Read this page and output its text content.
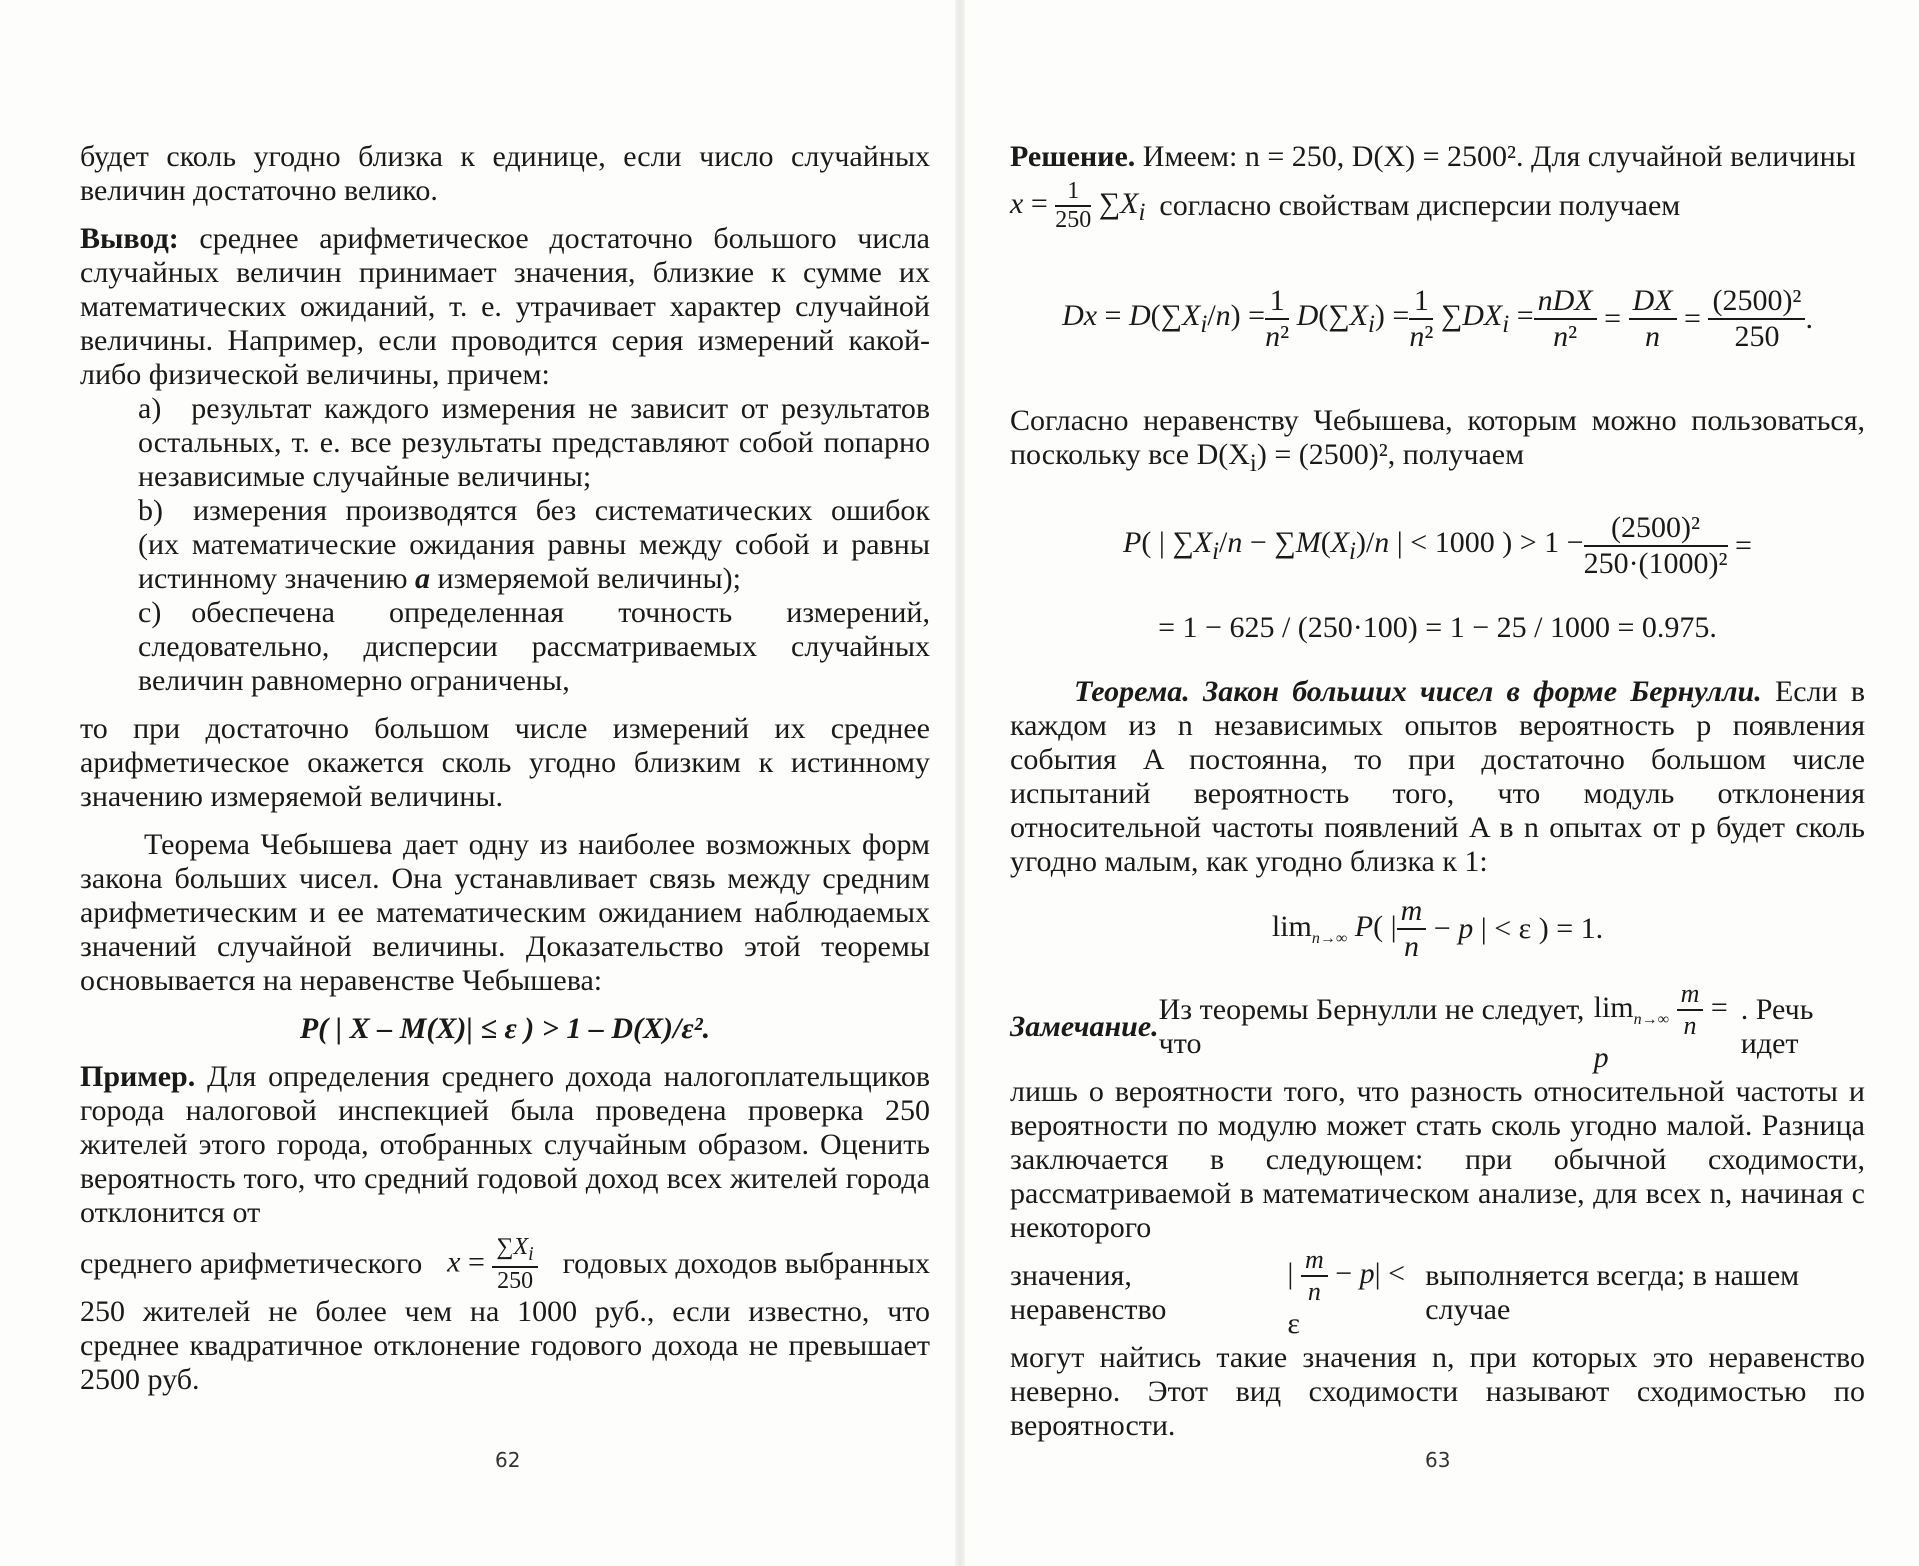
будет сколь угодно близка к единице, если число случайных величин достаточно велико.

Вывод: среднее арифметическое достаточно большого числа случайных величин принимает значения, близкие к сумме их математических ожиданий, т. е. утрачивает характер случайной величины. Например, если проводится серия измерений какой-либо физической величины, причем:

a) результат каждого измерения не зависит от результатов остальных, т. е. все результаты представляют собой попарно независимые случайные величины;

b) измерения производятся без систематических ошибок (их математические ожидания равны между собой и равны истинному значению a измеряемой величины);

c) обеспечена определенная точность измерений, следовательно, дисперсии рассматриваемых случайных величин равномерно ограничены,

то при достаточно большом числе измерений их среднее арифметическое окажется сколь угодно близким к истинному значению измеряемой величины.

Теорема Чебышева дает одну из наиболее возможных форм закона больших чисел. Она устанавливает связь между средним арифметическим и ее математическим ожиданием наблюдаемых значений случайной величины. Доказательство этой теоремы основывается на неравенстве Чебышева:

P( | X – M(X)| ≤ ε ) > 1 – D(X)/ε².

Пример. Для определения среднего дохода налогоплательщиков города налоговой инспекцией была проведена проверка 250 жителей этого города, отобранных случайным образом. Оценить вероятность того, что средний годовой доход всех жителей города отклонится от

среднего арифметического $x = \frac{\sum X_i}{250}$ годовых доходов выбранных

250 жителей не более чем на 1000 руб., если известно, что среднее квадратичное отклонение годового дохода не превышает 2500 руб.

62

Решение. Имеем: n = 250, D(X) = 2500². Для случайной величины

$x = \frac{1}{250} \sum X_i$ согласно свойствам дисперсии получаем
$Dx = D(\sum X_i/n) = \frac{1}{\text{n²}} D(\sum X_i) = \frac{1}{\text{n²}} \sum DX_i$ = nDX
n²
= $\frac{DX}{n} = \frac{\text{(2500)²}}{250}$ .

Согласно неравенству Чебышева, которым можно пользоваться, поскольку все $D(X_i) = (2500)^2$, получаем

P( | $\sum X_i/n - \sum M(X_i)/n$ | < 1000 ) > $1 - \frac{\text{(2500)²}}{\text{250·(1000)²}}$ =

= 1 − 625 / (250·100) = 1 − 25 / 1000 = 0.975.

Теорема. Закон больших чисел в форме Бернулли. Если в каждом из n независимых опытов вероятность p появления события A постоянна, то при достаточно большом числе испытаний вероятность того, что модуль отклонения относительной частоты появлений A в n опытах от p будет сколь угодно малым, как угодно близка к 1:

$\lim_{n\to\infty} P$( | m
n
− p | < ε ) = 1.
Замечание.
Из теоремы Бернулли не следует, что
$\lim_{n\to\infty} \frac{m}{n} = p$
. Речь идет

лишь о вероятности того, что разность относительной частоты и вероятности по модулю может стать сколь угодно малой. Разница заключается в следующем: при обычной сходимости, рассматриваемой в математическом анализе, для всех n, начиная с некоторого

значения, неравенство
| $\frac{m}{n} - p| < \varepsilon$
выполняется всегда; в нашем случае

могут найтись такие значения n, при которых это неравенство неверно. Этот вид сходимости называют сходимостью по вероятности.

63
